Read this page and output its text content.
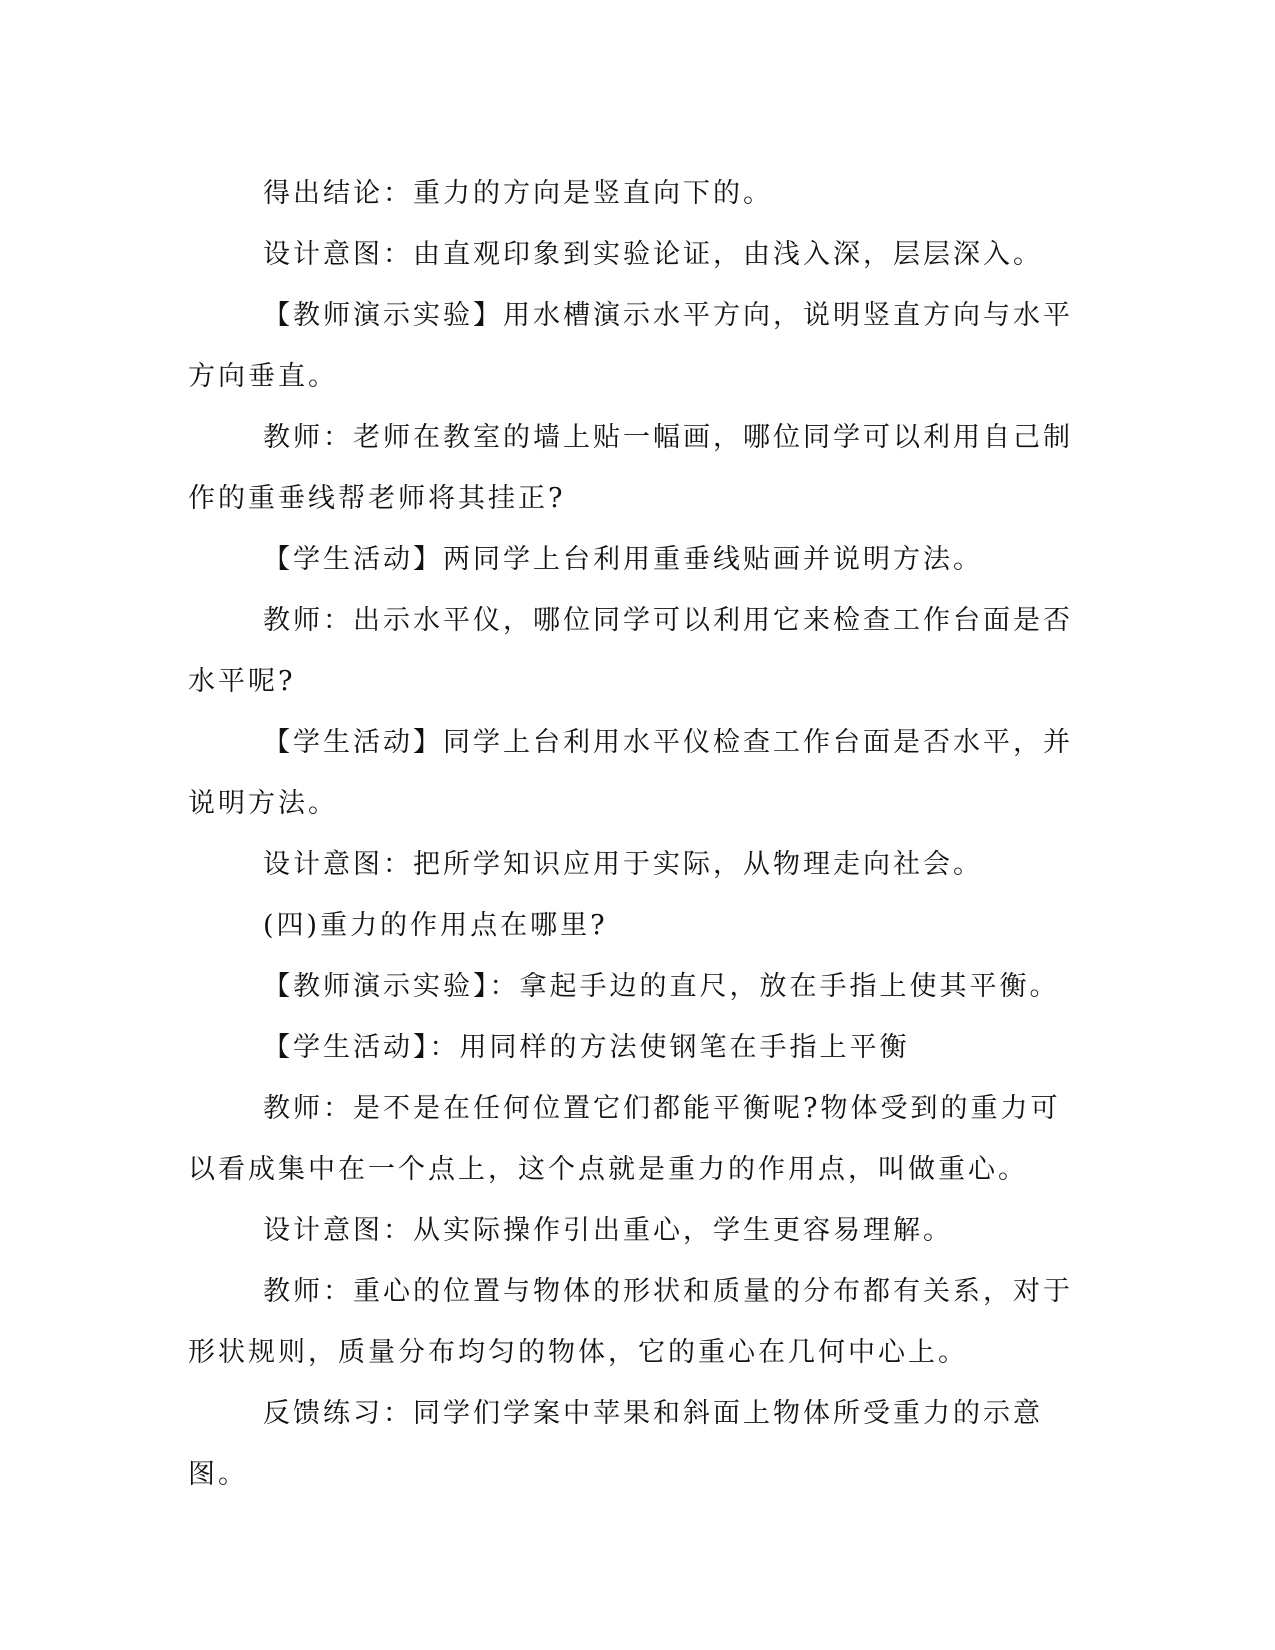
得出结论：重力的方向是竖直向下的。

设计意图：由直观印象到实验论证，由浅入深，层层深入。

【教师演示实验】用水槽演示水平方向，说明竖直方向与水平方向垂直。

教师：老师在教室的墙上贴一幅画，哪位同学可以利用自己制作的重垂线帮老师将其挂正?

【学生活动】两同学上台利用重垂线贴画并说明方法。

教师：出示水平仪，哪位同学可以利用它来检查工作台面是否水平呢?

【学生活动】同学上台利用水平仪检查工作台面是否水平，并说明方法。

设计意图：把所学知识应用于实际，从物理走向社会。

(四)重力的作用点在哪里?

【教师演示实验】：拿起手边的直尺，放在手指上使其平衡。

【学生活动】：用同样的方法使钢笔在手指上平衡

教师：是不是在任何位置它们都能平衡呢?物体受到的重力可以看成集中在一个点上，这个点就是重力的作用点，叫做重心。

设计意图：从实际操作引出重心，学生更容易理解。

教师：重心的位置与物体的形状和质量的分布都有关系，对于形状规则，质量分布均匀的物体，它的重心在几何中心上。

反馈练习：同学们学案中苹果和斜面上物体所受重力的示意图。
